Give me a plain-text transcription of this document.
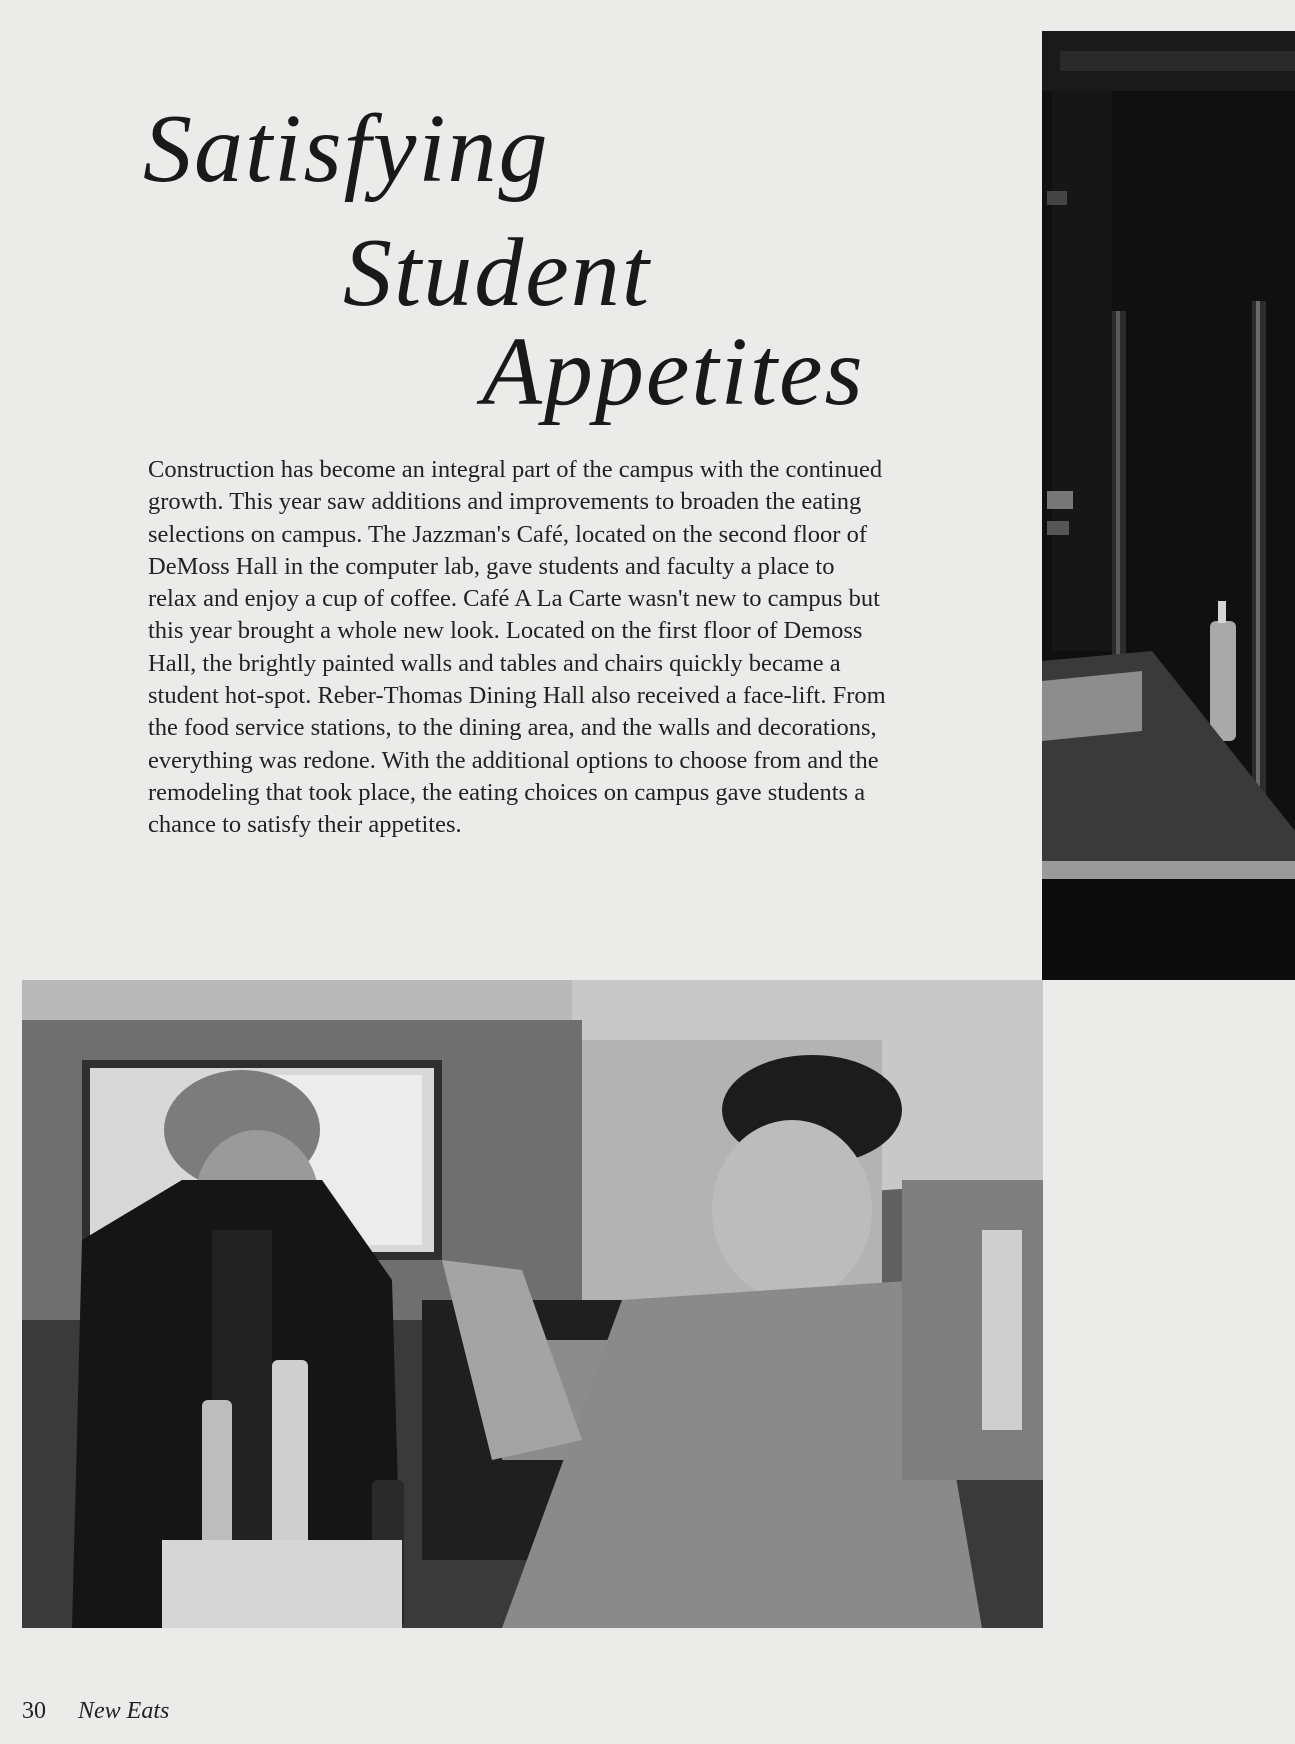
Satisfying
Student
Appetites

Construction has become an integral part of the campus with the continued growth. This year saw additions and improvements to broaden the eating selections on campus. The Jazzman's Café, located on the second floor of DeMoss Hall in the computer lab, gave students and faculty a place to relax and enjoy a cup of coffee. Café A La Carte wasn't new to campus but this year brought a whole new look. Located on the first floor of Demoss Hall, the brightly painted walls and tables and chairs quickly became a student hot-spot. Reber-Thomas Dining Hall also received a face-lift. From the food service stations, to the dining area, and the walls and decorations, everything was redone. With the additional options to choose from and the remodeling that took place, the eating choices on campus gave students a chance to satisfy their appetites.

30 New Eats
